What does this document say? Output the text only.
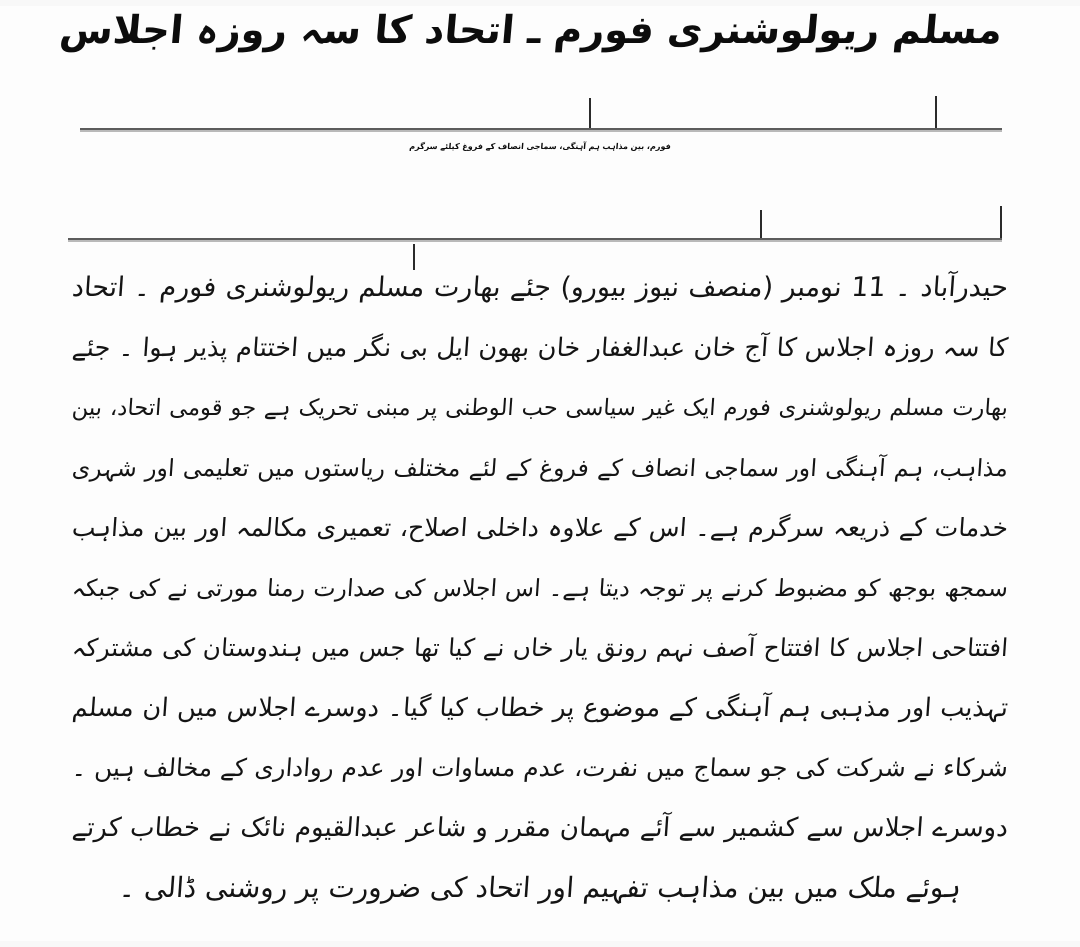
مسلم ریولوشنری فورم ـ اتحاد کا سہ روزہ اجلاس
فورم، بین مذاہب ہم آہنگی، سماجی انصاف کے فروغ کیلئے سرگرم
حیدرآباد ۔ 11 نومبر (منصف نیوز بیورو) جئے بھارت مسلم ریولوشنری فورم ۔ اتحاد
کا سہ روزہ اجلاس کا آج خان عبدالغفار خان بھون ایل بی نگر میں اختتام پذیر ہوا ۔ جئے
بھارت مسلم ریولوشنری فورم ایک غیر سیاسی حب الوطنی پر مبنی تحریک ہے جو قومی اتحاد، بین
مذاہب، ہم آہنگی اور سماجی انصاف کے فروغ کے لئے مختلف ریاستوں میں تعلیمی اور شہری
خدمات کے ذریعہ سرگرم ہے۔ اس کے علاوہ داخلی اصلاح، تعمیری مکالمہ اور بین مذاہب
سمجھ بوجھ کو مضبوط کرنے پر توجہ دیتا ہے۔ اس اجلاس کی صدارت رمنا مورتی نے کی جبکہ
افتتاحی اجلاس کا افتتاح آصف نہم رونق یار خاں نے کیا تھا جس میں ہندوستان کی مشترکہ
تہذیب اور مذہبی ہم آہنگی کے موضوع پر خطاب کیا گیا۔ دوسرے اجلاس میں ان مسلم
شرکاء نے شرکت کی جو سماج میں نفرت، عدم مساوات اور عدم رواداری کے مخالف ہیں ۔
دوسرے اجلاس سے کشمیر سے آئے مہمان مقرر و شاعر عبدالقیوم نائک نے خطاب کرتے
ہوئے ملک میں بین مذاہب تفہیم اور اتحاد کی ضرورت پر روشنی ڈالی ۔
